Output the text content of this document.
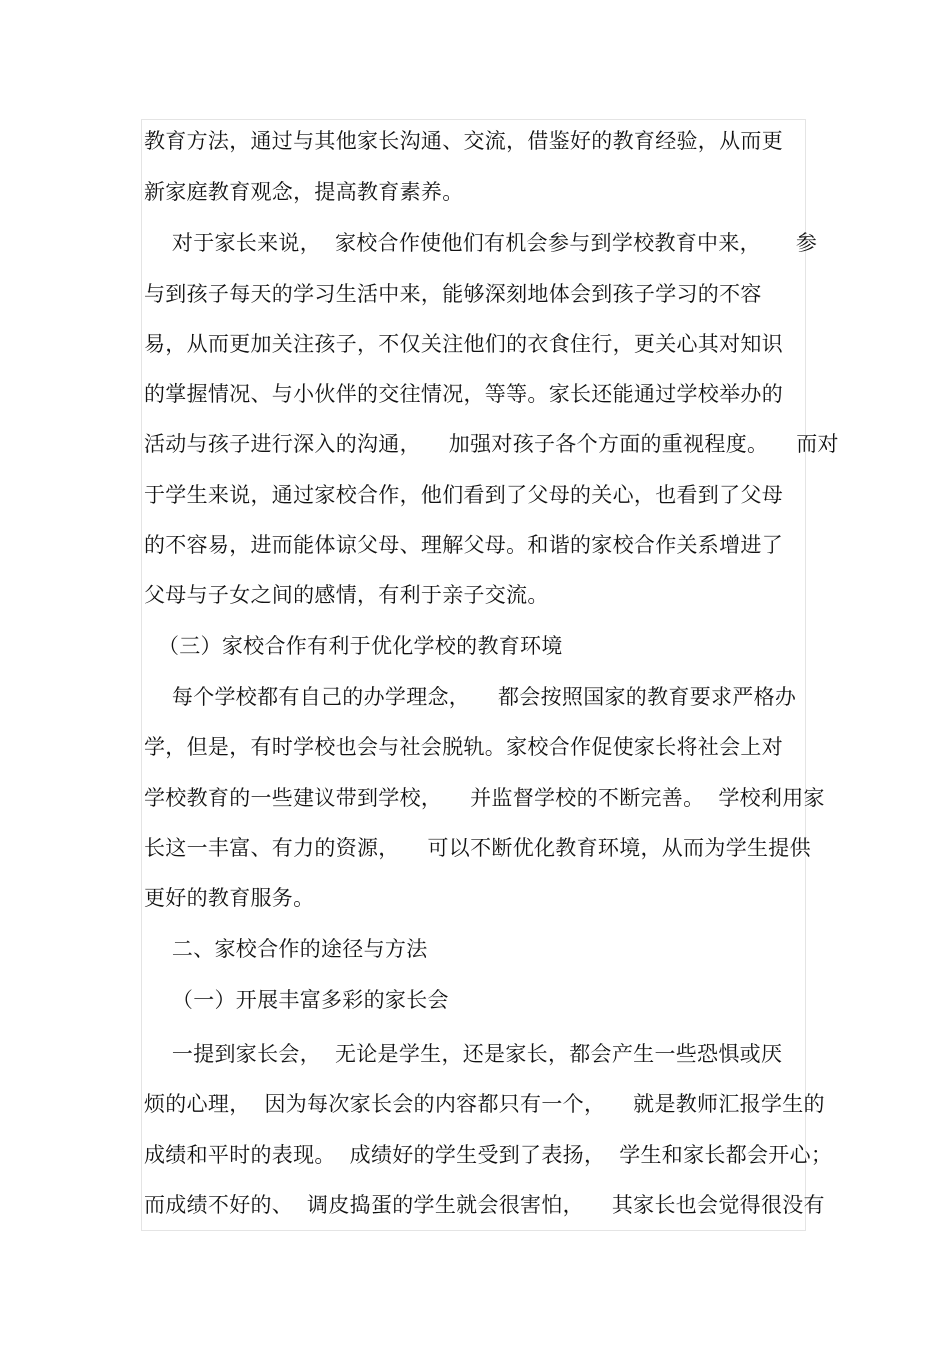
教育方法，通过与其他家长沟通、交流，借鉴好的教育经验，从而更
新家庭教育观念，提高教育素养。
对于家长来说，  家校合作使他们有机会参与到学校教育中来，     参
与到孩子每天的学习生活中来，能够深刻地体会到孩子学习的不容
易，从而更加关注孩子，不仅关注他们的衣食住行，更关心其对知识
的掌握情况、与小伙伴的交往情况，等等。家长还能通过学校举办的
活动与孩子进行深入的沟通，    加强对孩子各个方面的重视程度。    而对
于学生来说，通过家校合作，他们看到了父母的关心，也看到了父母
的不容易，进而能体谅父母、理解父母。和谐的家校合作关系增进了
父母与子女之间的感情，有利于亲子交流。
（三）家校合作有利于优化学校的教育环境
每个学校都有自己的办学理念，    都会按照国家的教育要求严格办
学，但是，有时学校也会与社会脱轨。家校合作促使家长将社会上对
学校教育的一些建议带到学校，    并监督学校的不断完善。  学校利用家
长这一丰富、有力的资源，    可以不断优化教育环境，从而为学生提供
更好的教育服务。
二、家校合作的途径与方法
（一）开展丰富多彩的家长会
一提到家长会，  无论是学生，还是家长，都会产生一些恐惧或厌
烦的心理，  因为每次家长会的内容都只有一个，    就是教师汇报学生的
成绩和平时的表现。  成绩好的学生受到了表扬，  学生和家长都会开心；
而成绩不好的、  调皮捣蛋的学生就会很害怕，    其家长也会觉得很没有
